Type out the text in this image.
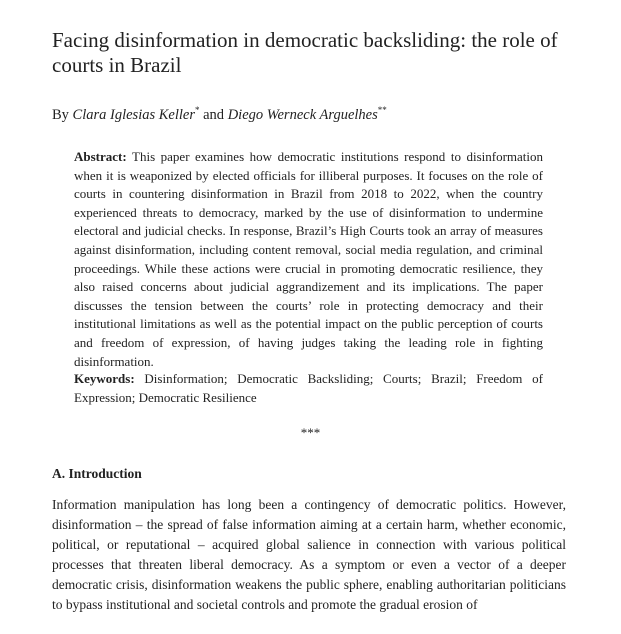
Facing disinformation in democratic backsliding: the role of courts in Brazil
By Clara Iglesias Keller* and Diego Werneck Arguelhes**

Abstract: This paper examines how democratic institutions respond to disinformation when it is weaponized by elected officials for illiberal purposes. It focuses on the role of courts in countering disinformation in Brazil from 2018 to 2022, when the country experienced threats to democracy, marked by the use of disinformation to undermine electoral and judicial checks. In response, Brazil’s High Courts took an array of measures against disinformation, including content removal, social media regulation, and criminal proceedings. While these actions were crucial in promoting democratic resilience, they also raised concerns about judicial aggrandizement and its implications. The paper discusses the tension between the courts’ role in protecting democracy and their institutional limitations as well as the potential impact on the public perception of courts and freedom of expression, of having judges taking the leading role in fighting disinformation.

Keywords: Disinformation; Democratic Backsliding; Courts; Brazil; Freedom of Expression; Democratic Resilience

***
A. Introduction

Information manipulation has long been a contingency of democratic politics. However, disinformation – the spread of false information aiming at a certain harm, whether economic, political, or reputational – acquired global salience in connection with various political processes that threaten liberal democracy. As a symptom or even a vector of a deeper democratic crisis, disinformation weakens the public sphere, enabling authoritarian politicians to bypass institutional and societal controls and promote the gradual erosion of
